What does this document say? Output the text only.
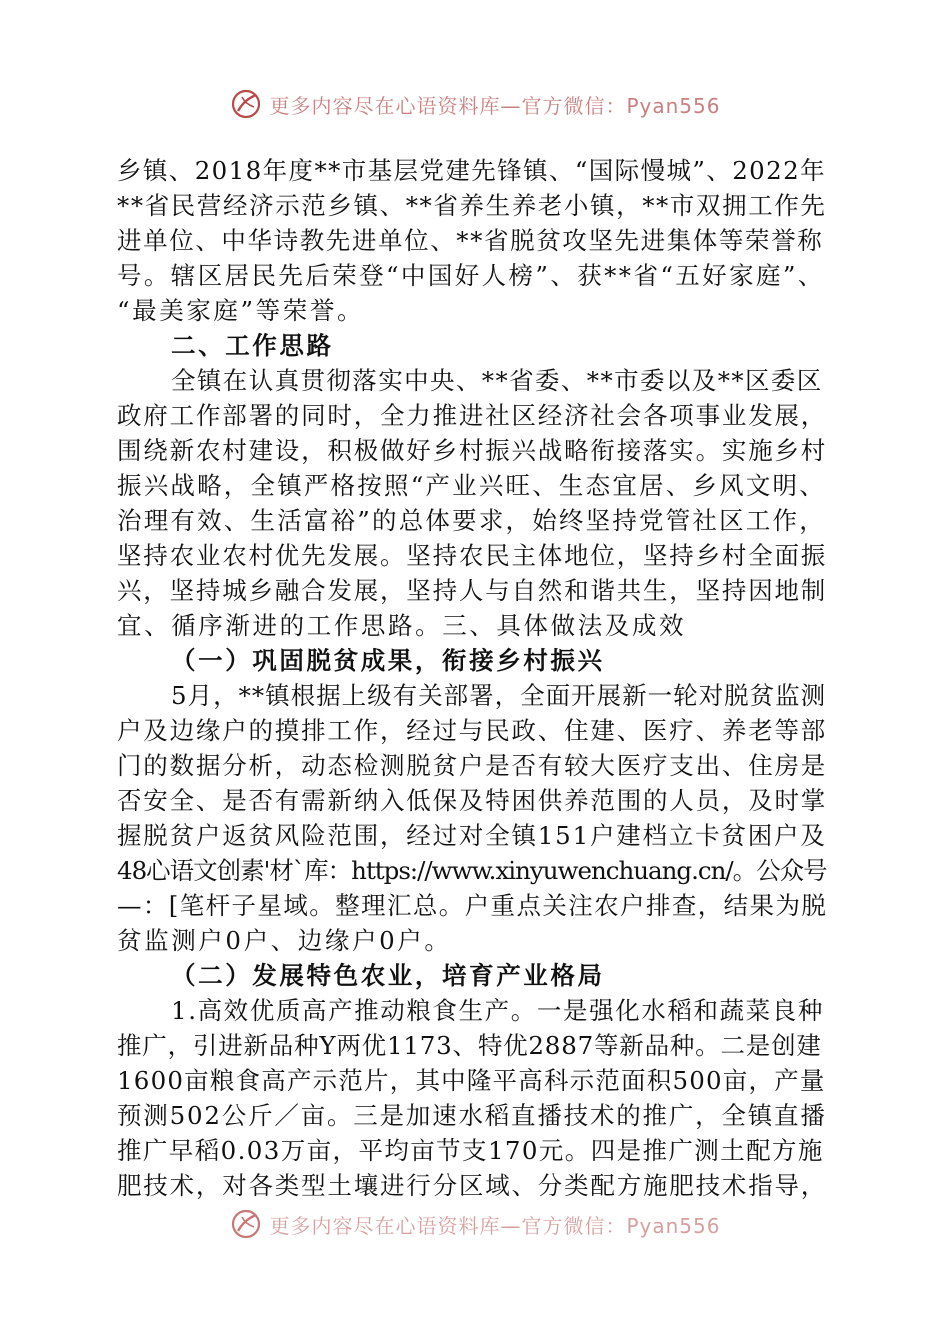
更多内容尽在心语资料库—官方微信：Pyan556
乡镇、2018年度**市基层党建先锋镇、“国际慢城”、2022年
**省民营经济示范乡镇、**省养生养老小镇，**市双拥工作先
进单位、中华诗教先进单位、**省脱贫攻坚先进集体等荣誉称
号。辖区居民先后荣登“中国好人榜”、获**省“五好家庭”、
“最美家庭”等荣誉。
二、工作思路
全镇在认真贯彻落实中央、**省委、**市委以及**区委区
政府工作部署的同时，全力推进社区经济社会各项事业发展，
围绕新农村建设，积极做好乡村振兴战略衔接落实。实施乡村
振兴战略，全镇严格按照“产业兴旺、生态宜居、乡风文明、
治理有效、生活富裕”的总体要求，始终坚持党管社区工作，
坚持农业农村优先发展。坚持农民主体地位，坚持乡村全面振
兴，坚持城乡融合发展，坚持人与自然和谐共生，坚持因地制
宜、循序渐进的工作思路。三、具体做法及成效
（一）巩固脱贫成果，衔接乡村振兴
5月，**镇根据上级有关部署，全面开展新一轮对脱贫监测
户及边缘户的摸排工作，经过与民政、住建、医疗、养老等部
门的数据分析，动态检测脱贫户是否有较大医疗支出、住房是
否安全、是否有需新纳入低保及特困供养范围的人员，及时掌
握脱贫户返贫风险范围，经过对全镇151户建档立卡贫困户及
48心语文创素'材`库：https://www.xinyuwenchuang.cn/。公众号
—：[笔杆子星域。整理汇总。户重点关注农户排查，结果为脱
贫监测户0户、边缘户0户。
（二）发展特色农业，培育产业格局
1.高效优质高产推动粮食生产。一是强化水稻和蔬菜良种
推广，引进新品种Y两优1173、特优2887等新品种。二是创建
1600亩粮食高产示范片，其中隆平高科示范面积500亩，产量
预测502公斤／亩。三是加速水稻直播技术的推广，全镇直播
推广早稻0.03万亩，平均亩节支170元。四是推广测土配方施
肥技术，对各类型土壤进行分区域、分类配方施肥技术指导，
更多内容尽在心语资料库—官方微信：Pyan556
